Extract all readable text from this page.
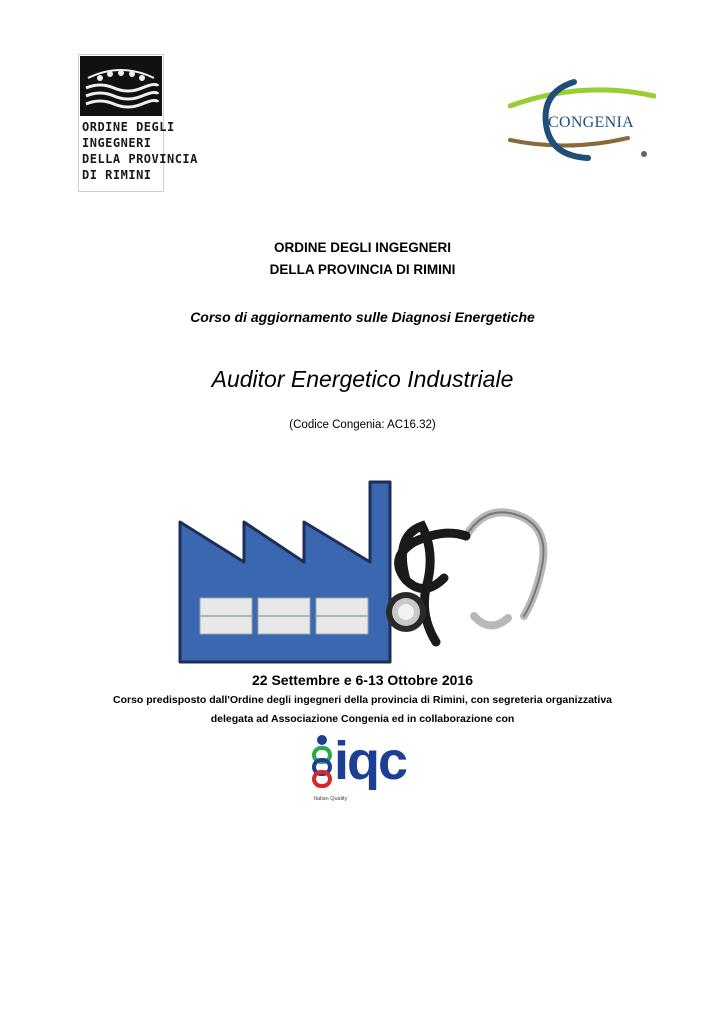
ORDINE DEGLI
INGEGNERI
DELLA PROVINCIA
DI RIMINI
CONGENIA
ORDINE DEGLI INGEGNERI
DELLA PROVINCIA DI RIMINI
Corso di aggiornamento sulle Diagnosi Energetiche
Auditor Energetico Industriale
(Codice Congenia: AC16.32)
22 Settembre e 6-13 Ottobre 2016
Corso predisposto dall'Ordine degli ingegneri della provincia di Rimini, con segreteria organizzativa
delegata ad Associazione Congenia ed in collaborazione con
iqc
Italian Quality
